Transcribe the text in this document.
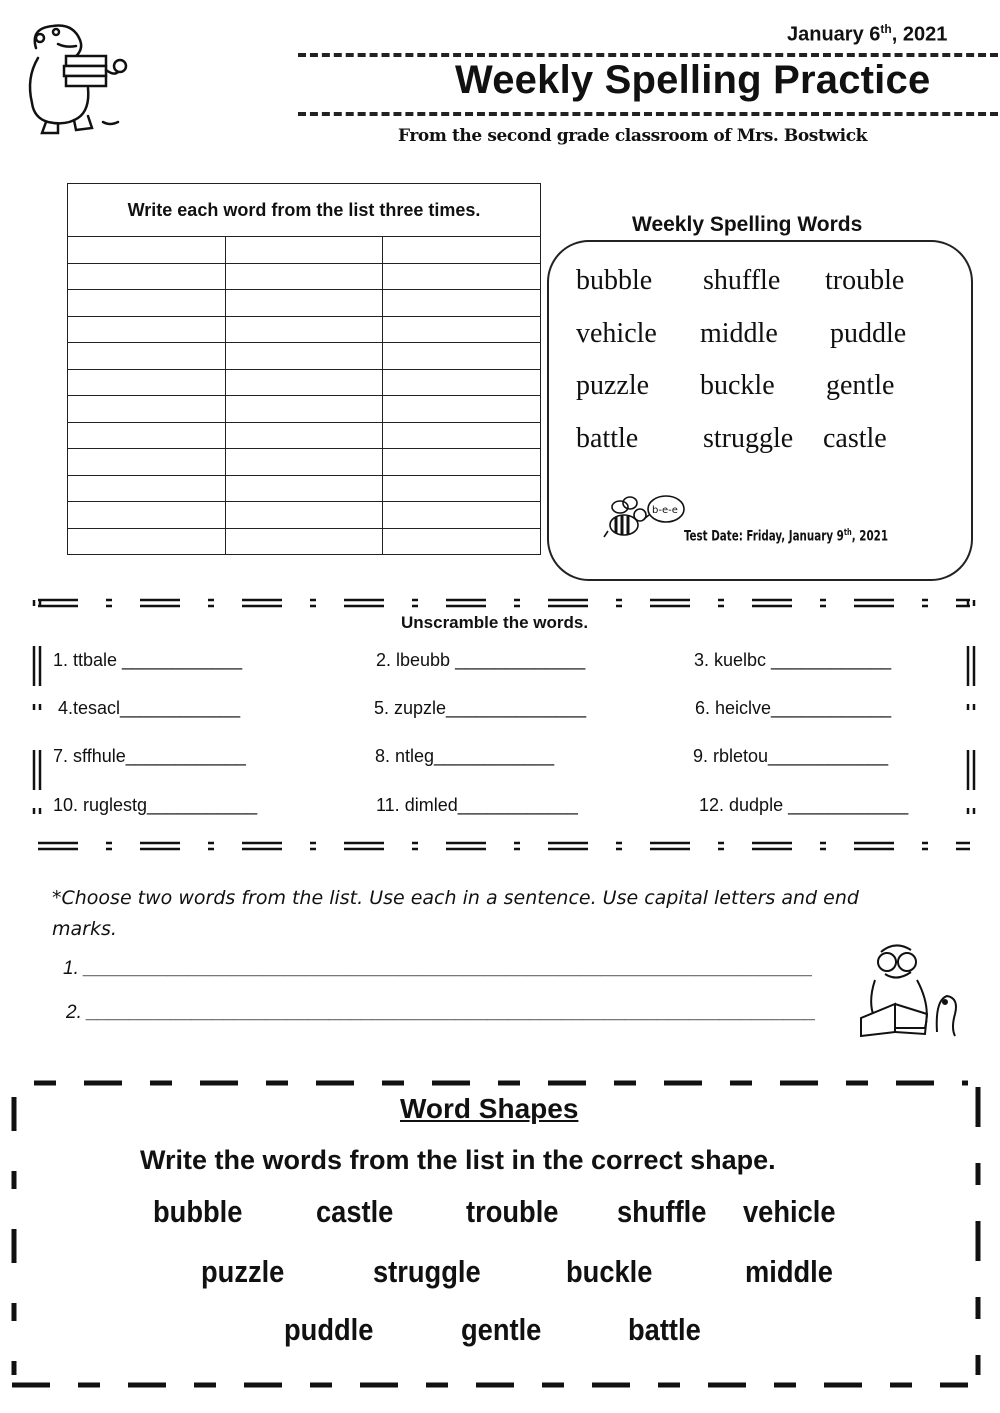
January 6th, 2021
Weekly Spelling Practice
From the second grade classroom of Mrs. Bostwick
Write each word from the list three times.		

Weekly Spelling Words
bubble shuffle trouble
vehicle middle puddle
puzzle buckle gentle
battle struggle castle
b-e-e
Test Date: Friday, January 9th, 2021
Unscramble the words.
1. ttbale ____________	2. lbeubb _____________	3. kuelbc ____________
4.tesacl____________	5. zupzle______________	6. heiclve____________
7. sffhule____________	8. ntleg____________	9. rbletou____________
10. ruglestg___________	11. dimled____________	12. dudple ____________
*Choose two words from the list. Use each in a sentence. Use capital letters and end marks.
1. _____________________________________________________________________
2. _____________________________________________________________________
Word Shapes
Write the words from the list in the correct shape.
bubble castle trouble shuffle vehicle
puzzle	struggle	buckle	middle
puddle	gentle	battle
